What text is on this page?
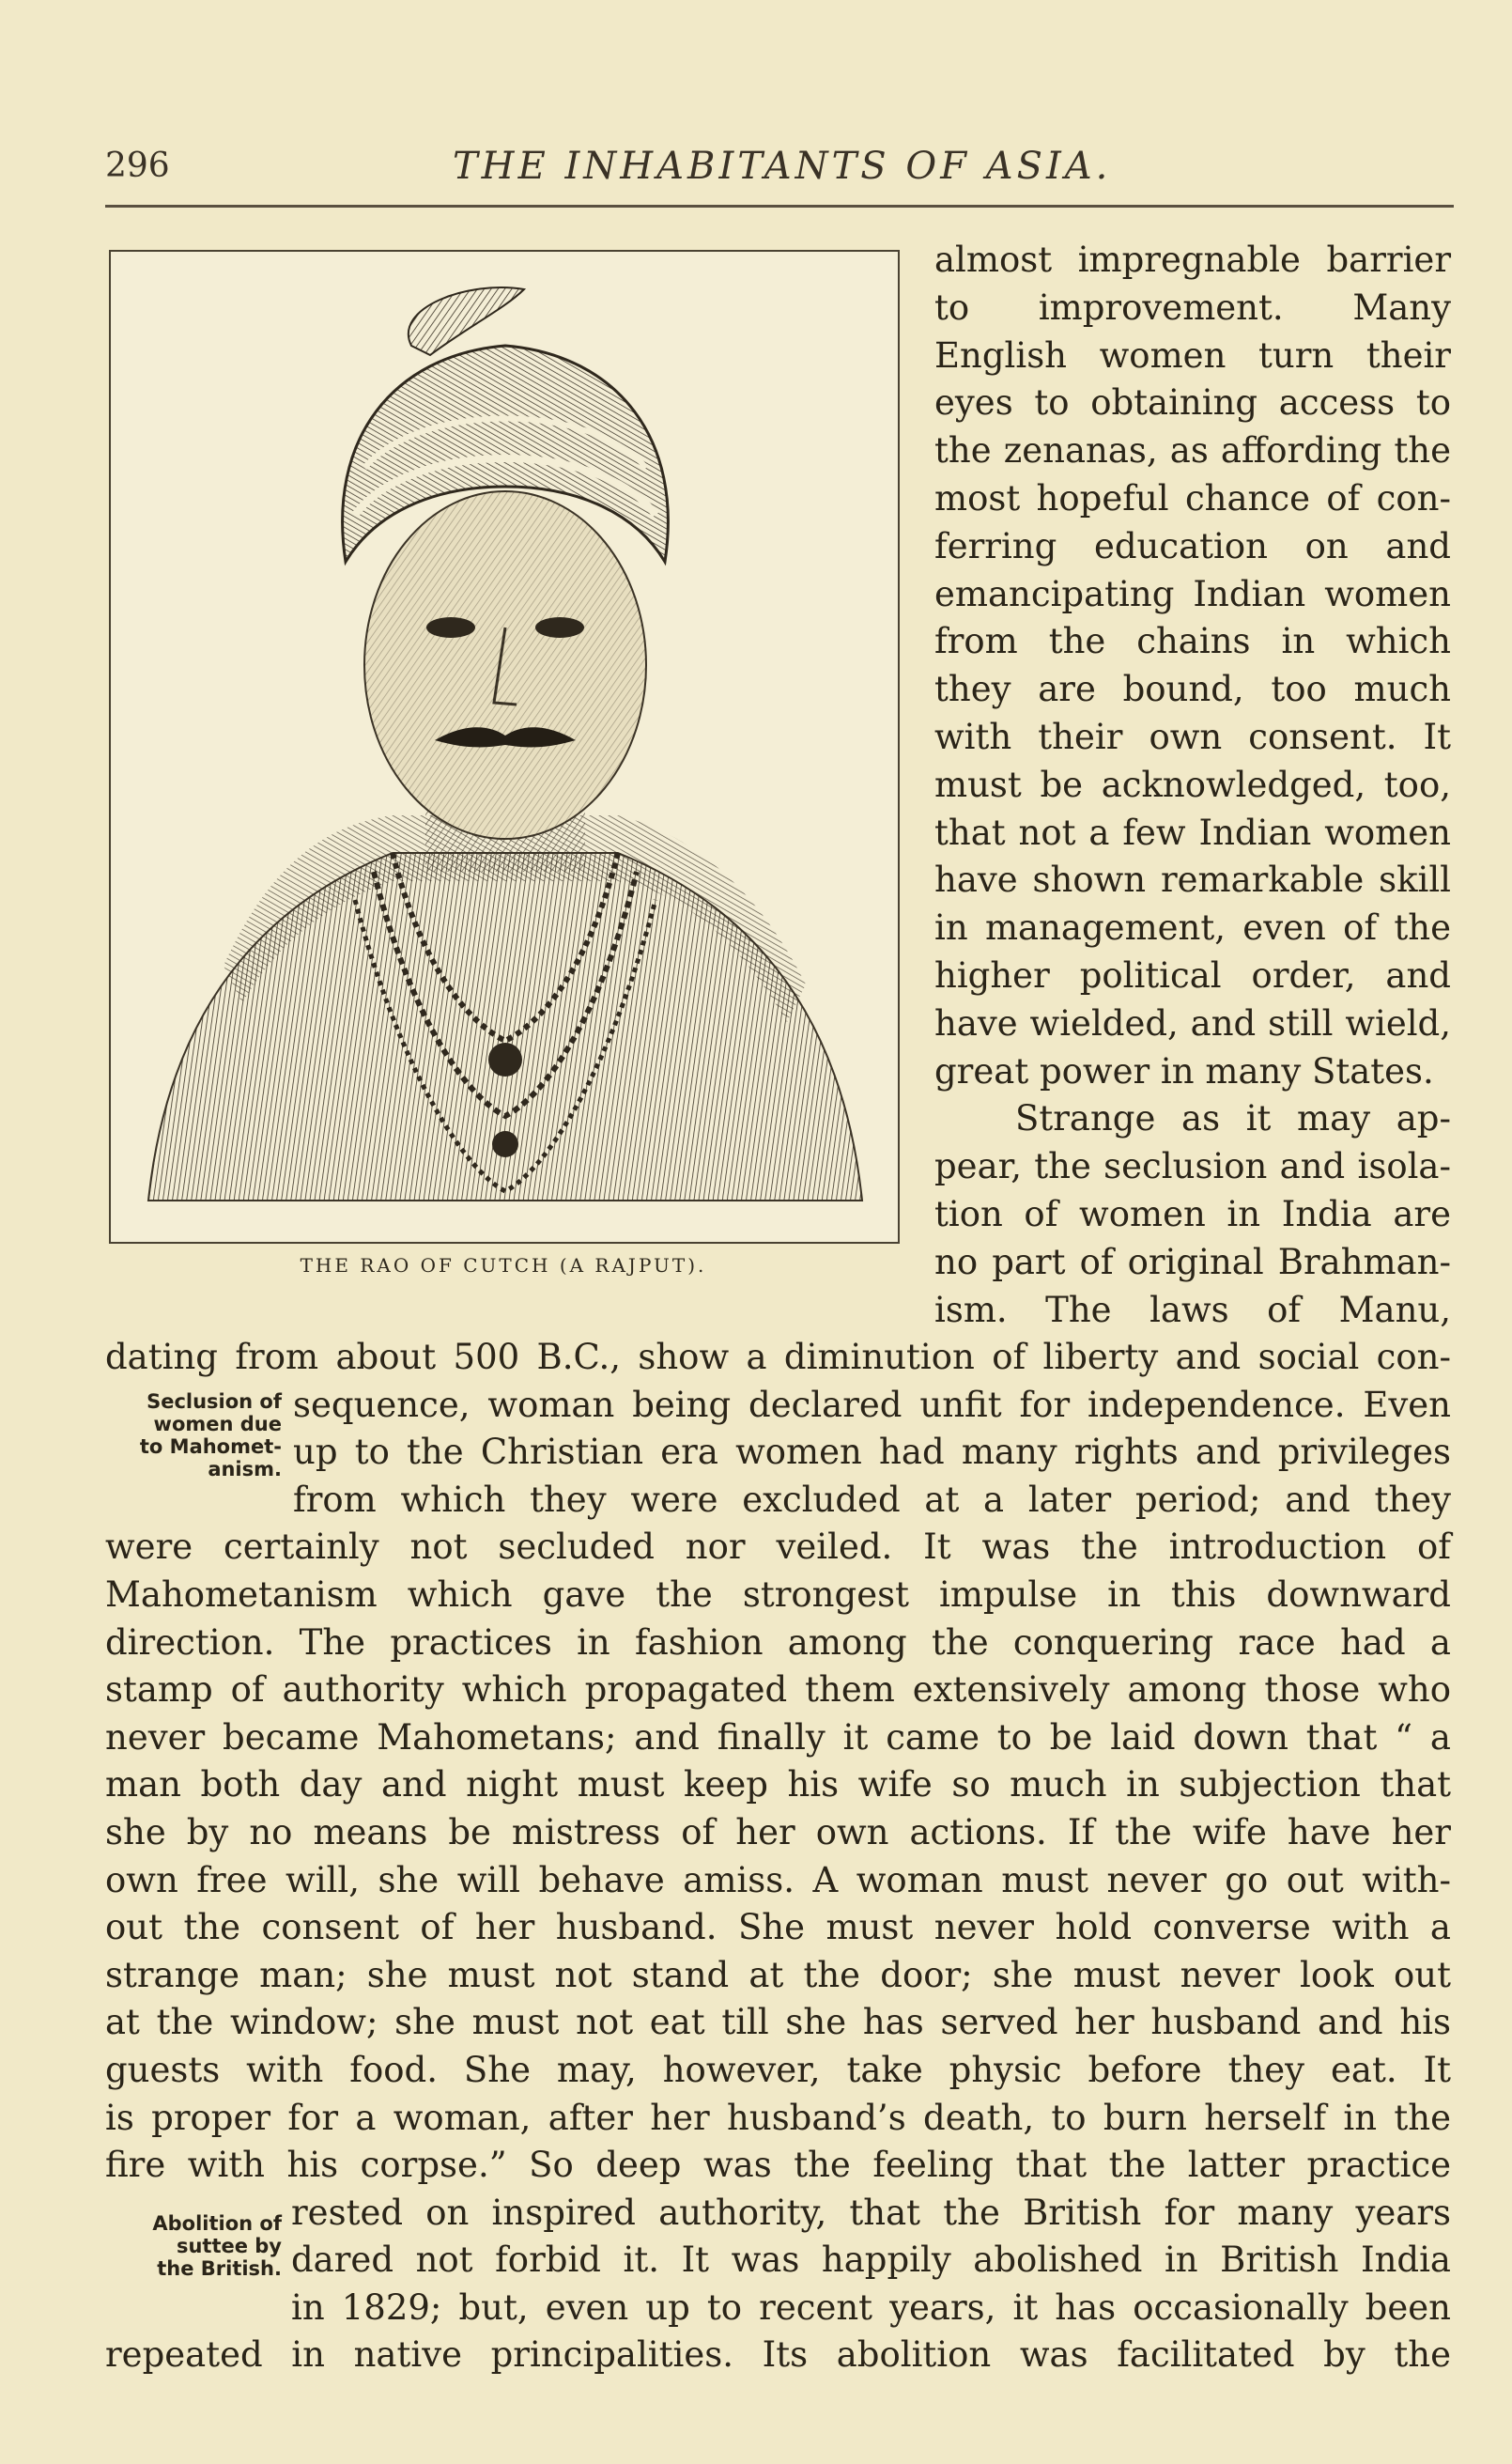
296	THE INHABITANTS OF ASIA.
THE RAO OF CUTCH (A RAJPUT).
almost impregnable barrier
to improvement. Many
English women turn their
eyes to obtaining access to
the zenanas, as affording the
most hopeful chance of con-
ferring education on and
emancipating Indian women
from the chains in which
they are bound, too much
with their own consent. It
must be acknowledged, too,
that not a few Indian women
have shown remarkable skill
in management, even of the
higher political order, and
have wielded, and still wield,
great power in many States.
Strange as it may ap-
pear, the seclusion and isola-
tion of women in India are
no part of original Brahman-
ism. The laws of Manu,
dating from about 500 B.C., show a diminution of liberty and social con-
sequence, woman being declared unfit for independence. Even
up to the Christian era women had many rights and privileges
from which they were excluded at a later period; and they
were certainly not secluded nor veiled. It was the introduction of
Mahometanism which gave the strongest impulse in this downward
direction. The practices in fashion among the conquering race had a
stamp of authority which propagated them extensively among those who
never became Mahometans; and finally it came to be laid down that “ a
man both day and night must keep his wife so much in subjection that
she by no means be mistress of her own actions. If the wife have her
own free will, she will behave amiss. A woman must never go out with-
out the consent of her husband. She must never hold converse with a
strange man; she must not stand at the door; she must never look out
at the window; she must not eat till she has served her husband and his
guests with food. She may, however, take physic before they eat. It
is proper for a woman, after her husband’s death, to burn herself in the
fire with his corpse.” So deep was the feeling that the latter practice
rested on inspired authority, that the British for many years
dared not forbid it. It was happily abolished in British India
in 1829; but, even up to recent years, it has occasionally been
repeated in native principalities. Its abolition was facilitated by the
Seclusion of
women due
to Mahomet-
anism.
Abolition of
suttee by
the British.
